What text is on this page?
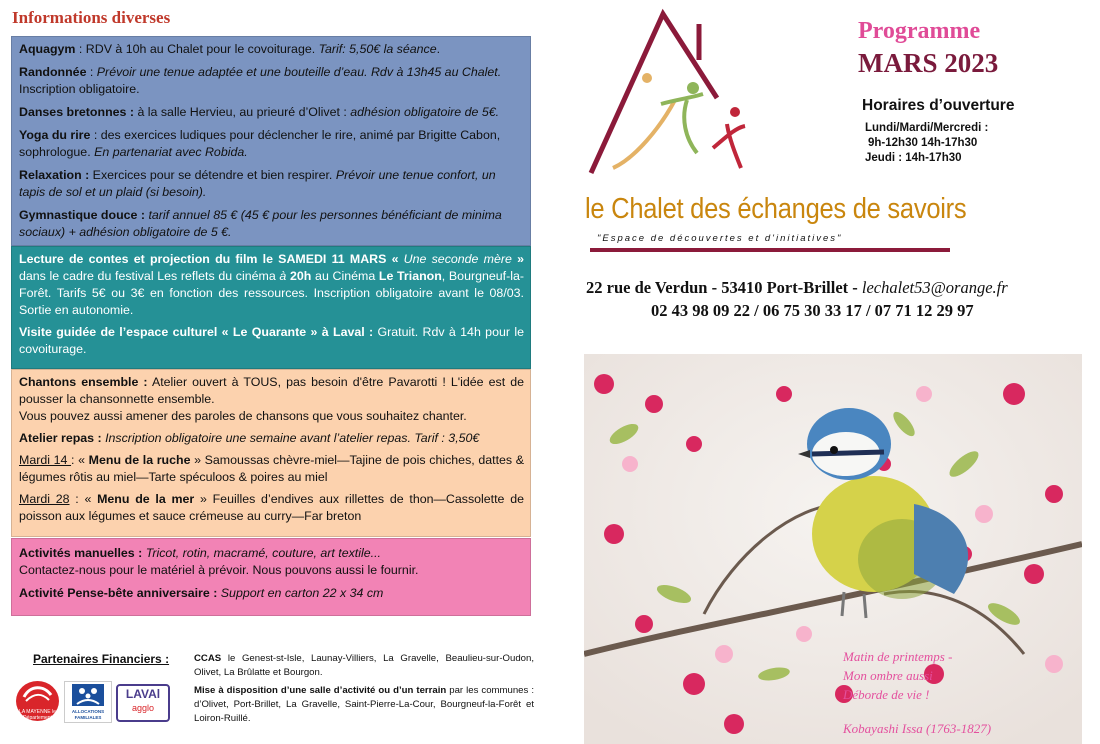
Informations diverses

Aquagym : RDV à 10h au Chalet pour le covoiturage. Tarif: 5,50€ la séance.

Randonnée : Prévoir une tenue adaptée et une bouteille d’eau. Rdv à 13h45 au Chalet. Inscription obligatoire.

Danses bretonnes : à la salle Hervieu, au prieuré d’Olivet : adhésion obligatoire de 5€.

Yoga du rire : des exercices ludiques pour déclencher le rire, animé par Brigitte Cabon, sophrologue. En partenariat avec Robida.

Relaxation : Exercices pour se détendre et bien respirer. Prévoir une tenue confort, un tapis de sol et un plaid (si besoin).

Gymnastique douce : tarif annuel 85 € (45 € pour les personnes bénéficiant de minima sociaux) + adhésion obligatoire de 5 €.

Lecture de contes et projection du film le SAMEDI 11 MARS « Une seconde mère » dans le cadre du festival Les reflets du cinéma à 20h au Cinéma Le Trianon, Bourgneuf-la- Forêt. Tarifs 5€ ou 3€ en fonction des ressources. Inscription obligatoire avant le 08/03. Sortie en autonomie.

Visite guidée de l’espace culturel « Le Quarante » à Laval : Gratuit. Rdv à 14h pour le covoiturage.

Chantons ensemble : Atelier ouvert à TOUS, pas besoin d'être Pavarotti ! L'idée est de pousser la chansonnette ensemble.

Vous pouvez aussi amener des paroles de chansons que vous souhaitez chanter.

Atelier repas : Inscription obligatoire une semaine avant l’atelier repas. Tarif : 3,50€

Mardi 14 : « Menu de la ruche » Samoussas chèvre-miel—Tajine de pois chiches, dattes & légumes rôtis au miel—Tarte spéculoos & poires au miel

Mardi 28 : « Menu de la mer » Feuilles d’endives aux rillettes de thon—Cassolette de poisson aux légumes et sauce crémeuse au curry—Far breton

Activités manuelles : Tricot, rotin, macramé, couture, art textile...

Contactez-nous pour le matériel à prévoir. Nous pouvons aussi le fournir.

Activité Pense-bête anniversaire : Support en carton 22 x 34 cm

Partenaires Financiers :	CCAS le Genest-st-Isle, Launay-Villiers, La Gravelle, Beaulieu-sur-Oudon, Olivet, La Brûlatte et Bourgon.
Mise à disposition d’une salle d’activité ou d’un terrain par les communes : d’Olivet, Port-Brillet, La Gravelle, Saint-Pierre-La-Cour, Bourgneuf-la-Forêt et Loiron-Ruillé.
LA MAYENNE le Département
ALLOCATIONS FAMILIALES
LAVAl
agglo
Programme
MARS 2023
Horaires d’ouverture
Lundi/Mardi/Mercredi :
9h-12h30 14h-17h30
Jeudi : 14h-17h30
le Chalet des échanges de savoirs
"Espace de découvertes et d'initiatives"
22 rue de Verdun - 53410 Port-Brillet - lechalet53@orange.fr
02 43 98 09 22 / 06 75 30 33 17 / 07 71 12 29 97
Matin de printemps -
Mon ombre aussi
Déborde de vie !
Kobayashi Issa (1763-1827)
